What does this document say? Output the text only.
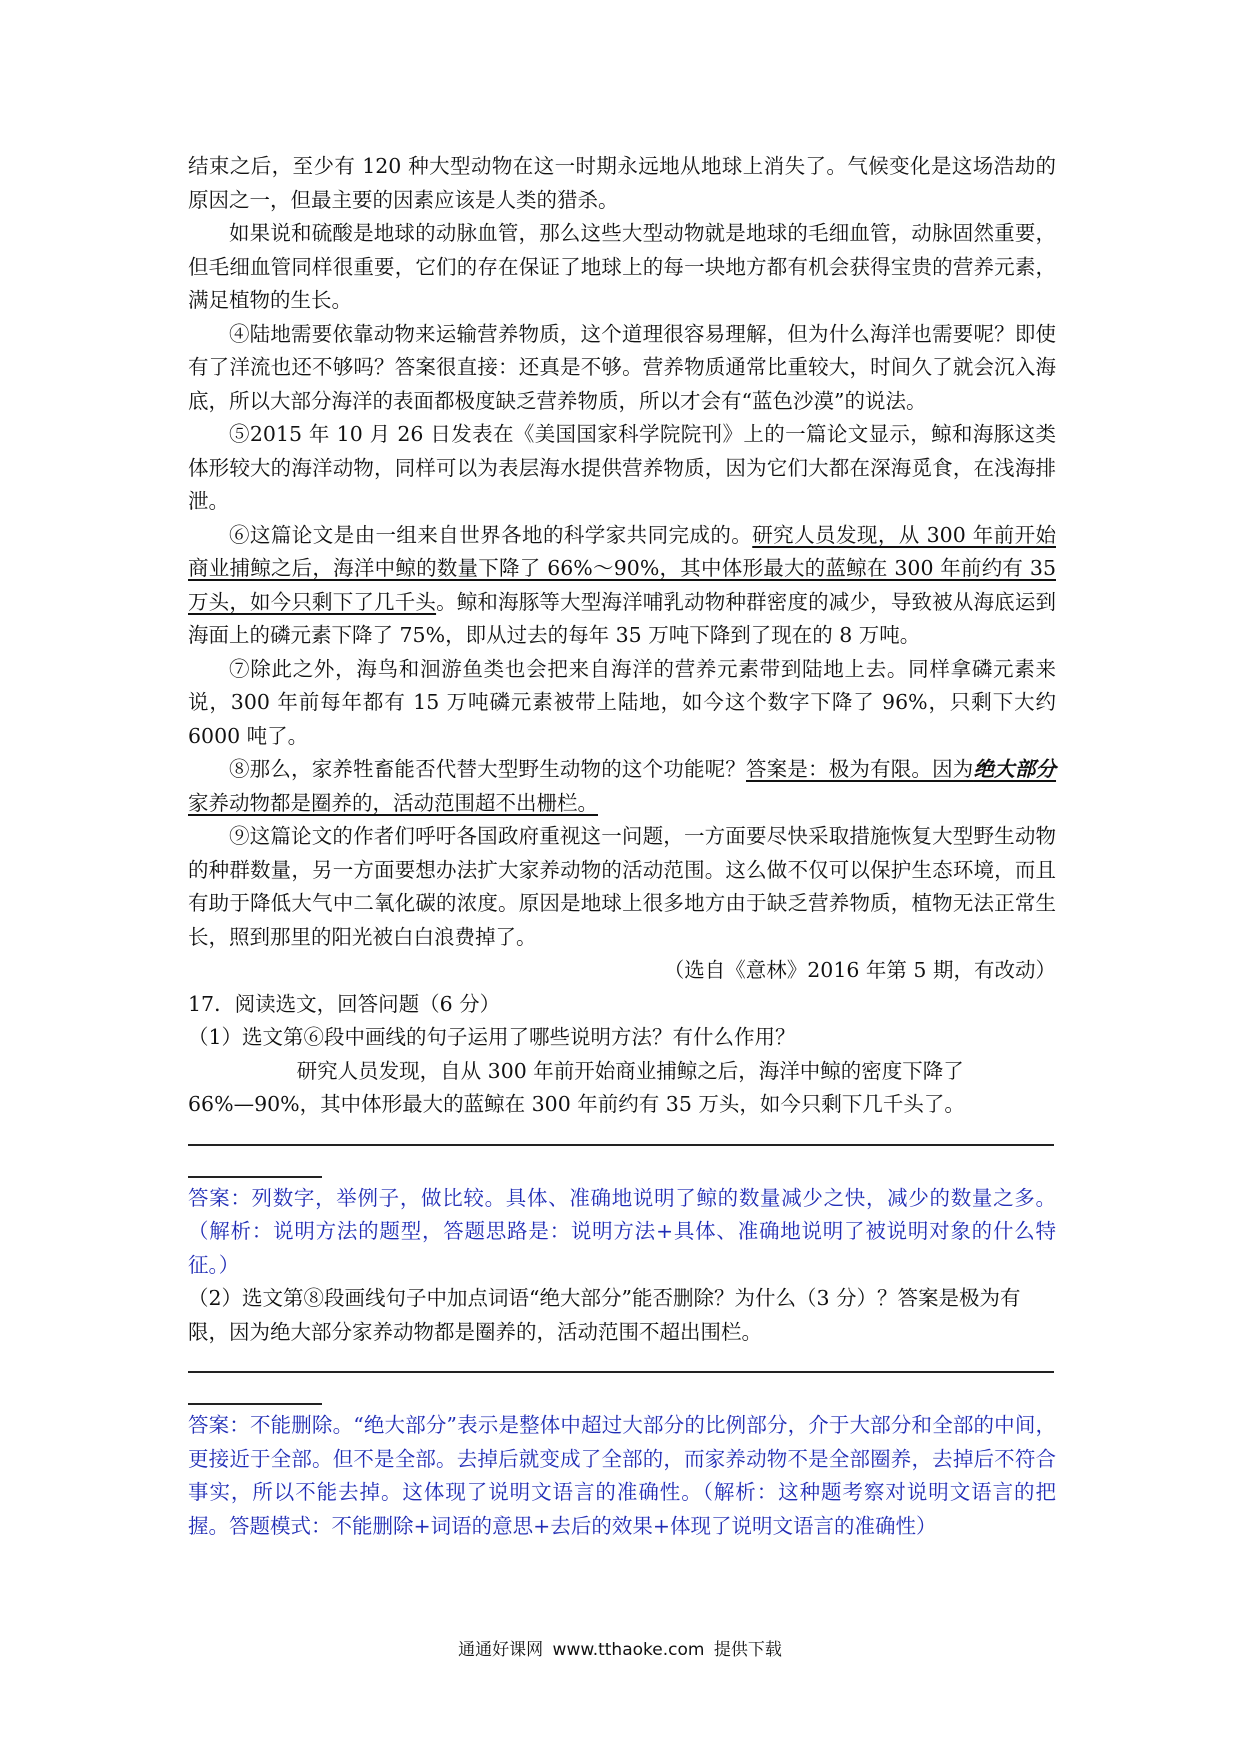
结束之后，至少有 120 种大型动物在这一时期永远地从地球上消失了。气候变化是这场浩劫的原因之一，但最主要的因素应该是人类的猎杀。

如果说和硫酸是地球的动脉血管，那么这些大型动物就是地球的毛细血管，动脉固然重要，但毛细血管同样很重要，它们的存在保证了地球上的每一块地方都有机会获得宝贵的营养元素，满足植物的生长。

④陆地需要依靠动物来运输营养物质，这个道理很容易理解，但为什么海洋也需要呢？即使有了洋流也还不够吗？答案很直接：还真是不够。营养物质通常比重较大，时间久了就会沉入海底，所以大部分海洋的表面都极度缺乏营养物质，所以才会有“蓝色沙漠”的说法。

⑤2015 年 10 月 26 日发表在《美国国家科学院院刊》上的一篇论文显示，鲸和海豚这类体形较大的海洋动物，同样可以为表层海水提供营养物质，因为它们大都在深海觅食，在浅海排泄。

⑥这篇论文是由一组来自世界各地的科学家共同完成的。研究人员发现，从 300 年前开始商业捕鲸之后，海洋中鲸的数量下降了 66%～90%，其中体形最大的蓝鲸在 300 年前约有 35 万头，如今只剩下了几千头。鲸和海豚等大型海洋哺乳动物种群密度的减少，导致被从海底运到海面上的磷元素下降了 75%，即从过去的每年 35 万吨下降到了现在的 8 万吨。

⑦除此之外，海鸟和洄游鱼类也会把来自海洋的营养元素带到陆地上去。同样拿磷元素来说，300 年前每年都有 15 万吨磷元素被带上陆地，如今这个数字下降了 96%，只剩下大约 6000 吨了。

⑧那么，家养牲畜能否代替大型野生动物的这个功能呢？答案是：极为有限。因为绝大部分家养动物都是圈养的，活动范围超不出栅栏。

⑨这篇论文的作者们呼吁各国政府重视这一问题，一方面要尽快采取措施恢复大型野生动物的种群数量，另一方面要想办法扩大家养动物的活动范围。这么做不仅可以保护生态环境，而且有助于降低大气中二氧化碳的浓度。原因是地球上很多地方由于缺乏营养物质，植物无法正常生长，照到那里的阳光被白白浪费掉了。

（选自《意林》2016 年第 5 期，有改动）

17．阅读选文，回答问题（6 分）

（1）选文第⑥段中画线的句子运用了哪些说明方法？有什么作用？

研究人员发现，自从 300 年前开始商业捕鲸之后，海洋中鲸的密度下降了

66%—90%，其中体形最大的蓝鲸在 300 年前约有 35 万头，如今只剩下几千头了。

答案：列数字，举例子，做比较。具体、准确地说明了鲸的数量减少之快，减少的数量之多。（解析：说明方法的题型，答题思路是：说明方法+具体、准确地说明了被说明对象的什么特征。）

（2）选文第⑧段画线句子中加点词语“绝大部分”能否删除？为什么（3 分）？答案是极为有限，因为绝大部分家养动物都是圈养的，活动范围不超出围栏。

答案：不能删除。“绝大部分”表示是整体中超过大部分的比例部分，介于大部分和全部的中间，更接近于全部。但不是全部。去掉后就变成了全部的，而家养动物不是全部圈养，去掉后不符合事实，所以不能去掉。这体现了说明文语言的准确性。（解析：这种题考察对说明文语言的把握。答题模式：不能删除+词语的意思+去后的效果+体现了说明文语言的准确性）

通通好课网 www.tthaoke.com 提供下载
